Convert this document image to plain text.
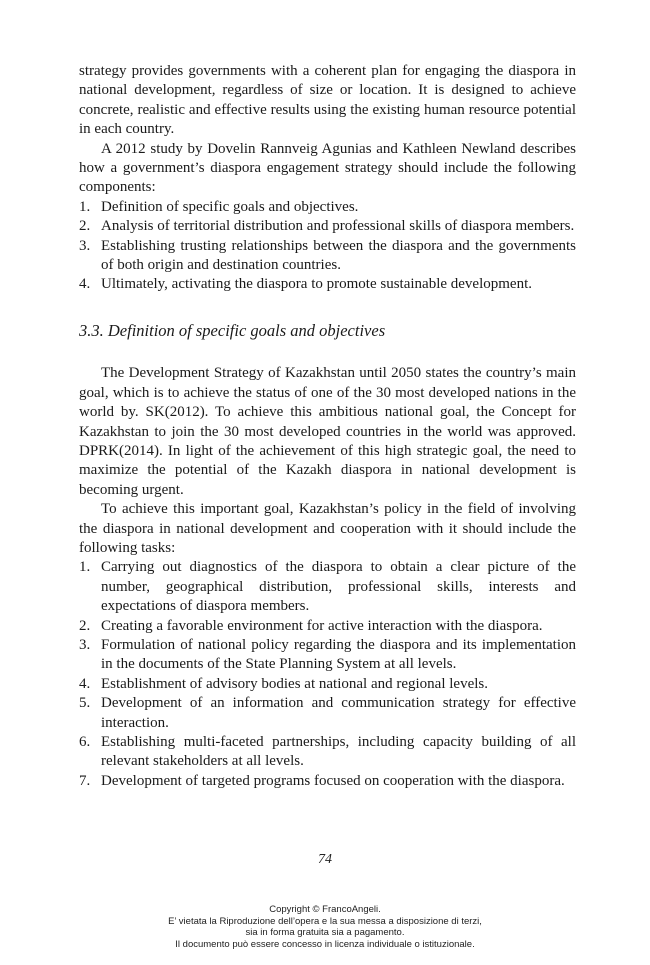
strategy provides governments with a coherent plan for engaging the diaspora in national development, regardless of size or location. It is designed to achieve concrete, realistic and effective results using the existing human resource potential in each country.

A 2012 study by Dovelin Rannveig Agunias and Kathleen Newland describes how a government’s diaspora engagement strategy should include the following components:

1. Definition of specific goals and objectives.
2. Analysis of territorial distribution and professional skills of diaspora members.
3. Establishing trusting relationships between the diaspora and the governments of both origin and destination countries.
4. Ultimately, activating the diaspora to promote sustainable development.

3.3. Definition of specific goals and objectives

The Development Strategy of Kazakhstan until 2050 states the country’s main goal, which is to achieve the status of one of the 30 most developed nations in the world by. SK(2012). To achieve this ambitious national goal, the Concept for Kazakhstan to join the 30 most developed countries in the world was approved. DPRK(2014). In light of the achievement of this high strategic goal, the need to maximize the potential of the Kazakh diaspora in national development is becoming urgent.

To achieve this important goal, Kazakhstan’s policy in the field of involving the diaspora in national development and cooperation with it should include the following tasks:

1. Carrying out diagnostics of the diaspora to obtain a clear picture of the number, geographical distribution, professional skills, interests and expectations of diaspora members.
2. Creating a favorable environment for active interaction with the diaspora.
3. Formulation of national policy regarding the diaspora and its implementation in the documents of the State Planning System at all levels.
4. Establishment of advisory bodies at national and regional levels.
5. Development of an information and communication strategy for effective interaction.
6. Establishing multi-faceted partnerships, including capacity building of all relevant stakeholders at all levels.
7. Development of targeted programs focused on cooperation with the diaspora.
74
Copyright © FrancoAngeli.
E’ vietata la Riproduzione dell’opera e la sua messa a disposizione di terzi,
sia in forma gratuita sia a pagamento.
Il documento può essere concesso in licenza individuale o istituzionale.
